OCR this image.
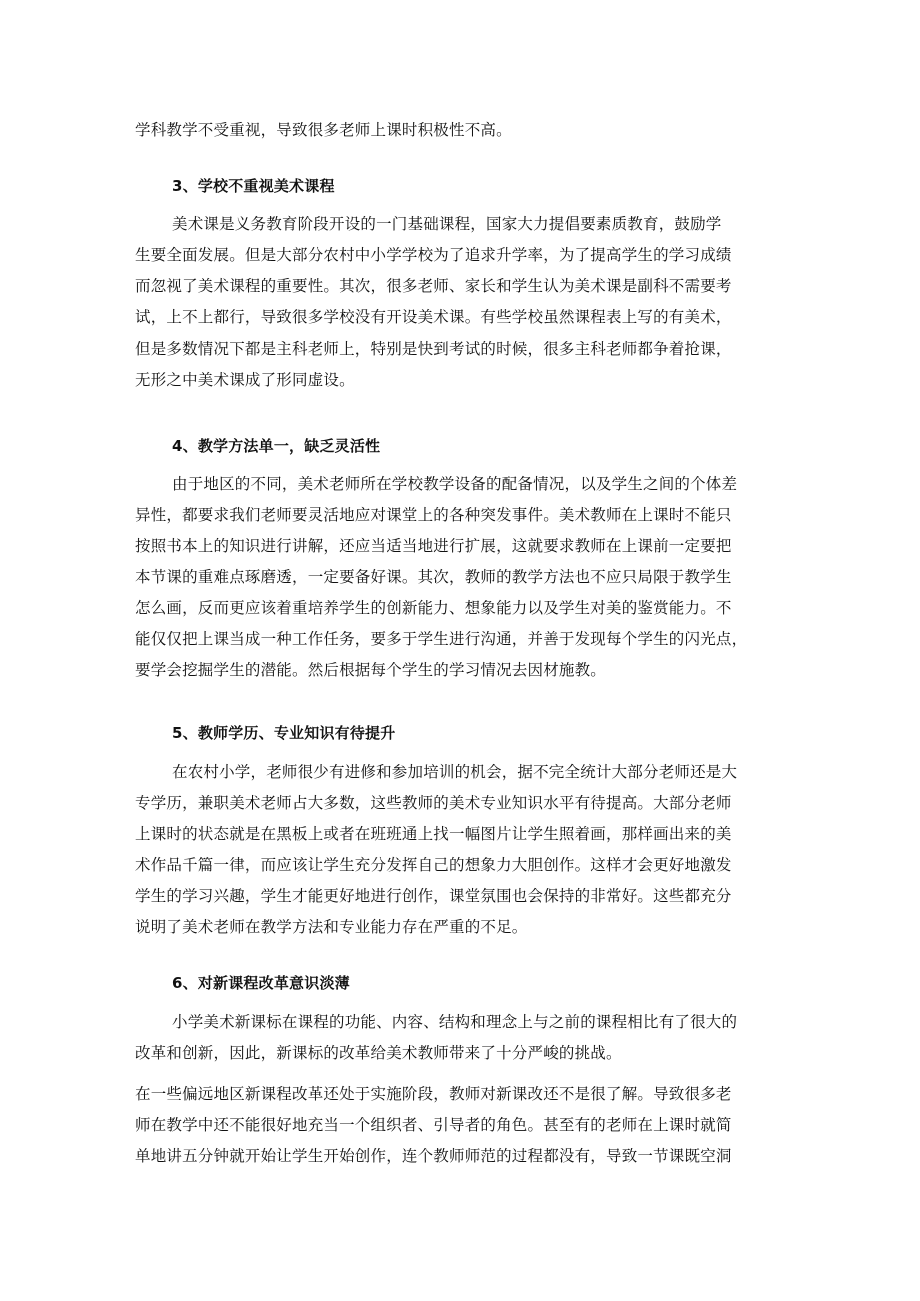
学科教学不受重视，导致很多老师上课时积极性不高。
3、学校不重视美术课程
美术课是义务教育阶段开设的一门基础课程，国家大力提倡要素质教育，鼓励学
生要全面发展。但是大部分农村中小学学校为了追求升学率，为了提高学生的学习成绩
而忽视了美术课程的重要性。其次，很多老师、家长和学生认为美术课是副科不需要考
试，上不上都行，导致很多学校没有开设美术课。有些学校虽然课程表上写的有美术，
但是多数情况下都是主科老师上，特别是快到考试的时候，很多主科老师都争着抢课，
无形之中美术课成了形同虚设。
4、教学方法单一，缺乏灵活性
由于地区的不同，美术老师所在学校教学设备的配备情况，以及学生之间的个体差
异性，都要求我们老师要灵活地应对课堂上的各种突发事件。美术教师在上课时不能只
按照书本上的知识进行讲解，还应当适当地进行扩展，这就要求教师在上课前一定要把
本节课的重难点琢磨透，一定要备好课。其次，教师的教学方法也不应只局限于教学生
怎么画，反而更应该着重培养学生的创新能力、想象能力以及学生对美的鉴赏能力。不
能仅仅把上课当成一种工作任务，要多于学生进行沟通，并善于发现每个学生的闪光点，
要学会挖掘学生的潜能。然后根据每个学生的学习情况去因材施教。
5、教师学历、专业知识有待提升
在农村小学，老师很少有进修和参加培训的机会，据不完全统计大部分老师还是大
专学历，兼职美术老师占大多数，这些教师的美术专业知识水平有待提高。大部分老师
上课时的状态就是在黑板上或者在班班通上找一幅图片让学生照着画，那样画出来的美
术作品千篇一律，而应该让学生充分发挥自己的想象力大胆创作。这样才会更好地激发
学生的学习兴趣，学生才能更好地进行创作，课堂氛围也会保持的非常好。这些都充分
说明了美术老师在教学方法和专业能力存在严重的不足。
6、对新课程改革意识淡薄
小学美术新课标在课程的功能、内容、结构和理念上与之前的课程相比有了很大的
改革和创新，因此，新课标的改革给美术教师带来了十分严峻的挑战。
在一些偏远地区新课程改革还处于实施阶段，教师对新课改还不是很了解。导致很多老
师在教学中还不能很好地充当一个组织者、引导者的角色。甚至有的老师在上课时就简
单地讲五分钟就开始让学生开始创作，连个教师师范的过程都没有，导致一节课既空洞
